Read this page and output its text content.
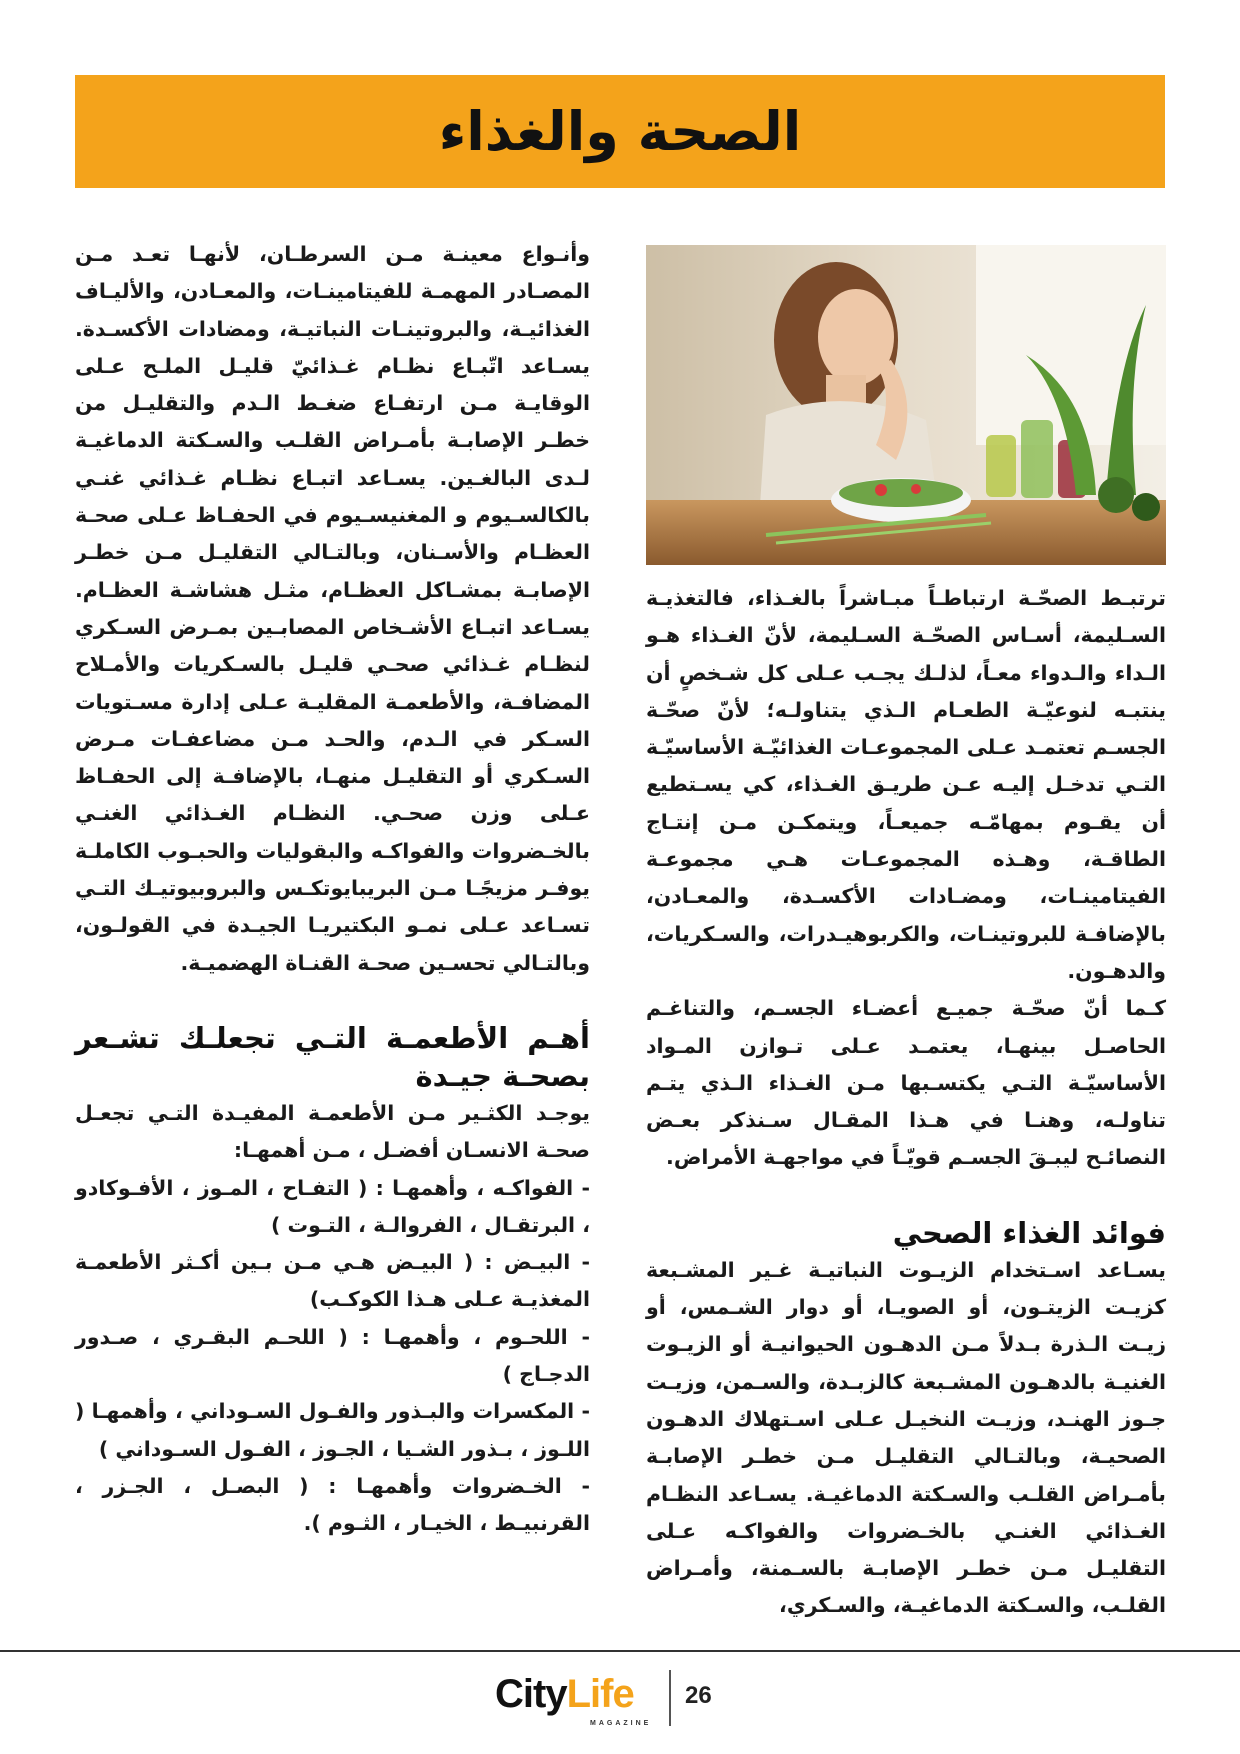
الصحة والغذاء

ترتبـط الصحّـة ارتباطـاً مبـاشراً بالغـذاء، فالتغذيـة السـليمة، أسـاس الصحّـة السـليمة، لأنّ الغـذاء هـو الـداء والـدواء معـاً، لذلـك يجـب عـلى كل شـخصٍ أن ينتبـه لنوعيّـة الطعـام الـذي يتناولـه؛ لأنّ صحّـة الجسـم تعتمـد عـلى المجموعـات الغذائيّـة الأساسيّـة التـي تدخـل إليـه عـن طريـق الغـذاء، كي يسـتطيع أن يقـوم بمهامّـه جميعـاً، ويتمكـن مـن إنتـاج الطاقـة، وهـذه المجموعـات هـي مجموعـة الفيتامينـات، ومضـادات الأكسـدة، والمعـادن، بالإضافـة للبروتينـات، والكربوهيـدرات، والسـكريات، والدهـون.

كـما أنّ صحّـة جميـع أعضـاء الجسـم، والتناغـم الحاصـل بينهـا، يعتمـد عـلى تـوازن المـواد الأساسيّـة التـي يكتسـبها مـن الغـذاء الـذي يتـم تناولـه، وهنـا في هـذا المقـال سـنذكر بعـض النصائـح ليبـقَ الجسـم قويّـاً في مواجهـة الأمراض.

فوائد الغذاء الصحي

يسـاعد اسـتخدام الزيـوت النباتيـة غـير المشـبعة كزيـت الزيتـون، أو الصويـا، أو دوار الشـمس، أو زيـت الـذرة بـدلاً مـن الدهـون الحيوانيـة أو الزيـوت الغنيـة بالدهـون المشـبعة كالزبـدة، والسـمن، وزيـت جـوز الهنـد، وزيـت النخيـل عـلى اسـتهلاك الدهـون الصحيـة، وبالتـالي التقليـل مـن خطـر الإصابـة بأمـراض القلـب والسـكتة الدماغيـة. يسـاعد النظـام الغـذائي الغنـي بالخـضروات والفواكـه عـلى التقليـل مـن خطـر الإصابـة بالسـمنة، وأمـراض القلـب، والسـكتة الدماغيـة، والسـكري،

وأنـواع معينـة مـن السرطـان، لأنهـا تعـد مـن المصـادر المهمـة للفيتامينـات، والمعـادن، والأليـاف الغذائيـة، والبروتينـات النباتيـة، ومضادات الأكسـدة. يسـاعد اتّبـاع نظـام غـذائيّ قليـل الملـح عـلى الوقايـة مـن ارتفـاع ضغـط الـدم والتقليـل من خطـر الإصابـة بأمـراض القلـب والسـكتة الدماغيـة لـدى البالغـين. يسـاعد اتبـاع نظـام غـذائي غنـي بالكالسـيوم و المغنيسـيوم في الحفـاظ عـلى صحـة العظـام والأسـنان، وبالتـالي التقليـل مـن خطـر الإصابـة بمشـاكل العظـام، مثـل هشاشـة العظـام. يسـاعد اتبـاع الأشـخاص المصابـين بمـرض السـكري لنظـام غـذائي صحـي قليـل بالسـكريات والأمـلاح المضافـة، والأطعمـة المقليـة عـلى إدارة مسـتويات السـكر في الـدم، والحـد مـن مضاعفـات مـرض السـكري أو التقليـل منهـا، بالإضافـة إلى الحفـاظ عـلى وزن صحـي. النظـام الغـذائي الغنـي بالخـضروات والفواكـه والبقوليات والحبـوب الكاملـة يوفـر مزيجًـا مـن البريبايوتكـس والبروبيوتيـك التـي تسـاعد عـلى نمـو البكتيريـا الجيـدة في القولـون، وبالتـالي تحسـين صحـة القنـاة الهضميـة.

أهـم الأطعمـة التـي تجعلـك تشـعر بصحـة جيـدة

يوجـد الكثـير مـن الأطعمـة المفيـدة التـي تجعـل صحـة الانسـان أفضـل ، مـن أهمهـا:

- الفواكـه ، وأهمهـا : ( التفـاح ، المـوز ، الأفـوكادو ، البرتقـال ، الفروالـة ، التـوت )

- البيـض : ( البيـض هـي مـن بـين أكـثر الأطعمـة المغذيـة عـلى هـذا الكوكـب)

- اللحـوم ، وأهمهـا : ( اللحـم البقـري ، صـدور الدجـاج )

- المكسرات والبـذور والفـول السـوداني ، وأهمهـا ( اللـوز ، بـذور الشـيا ، الجـوز ، الفـول السـوداني )

- الخـضروات وأهمهـا : ( البصـل ، الجـزر ، القرنبيـط ، الخيـار ، الثـوم ).

CityLife
MAGAZINE
26
